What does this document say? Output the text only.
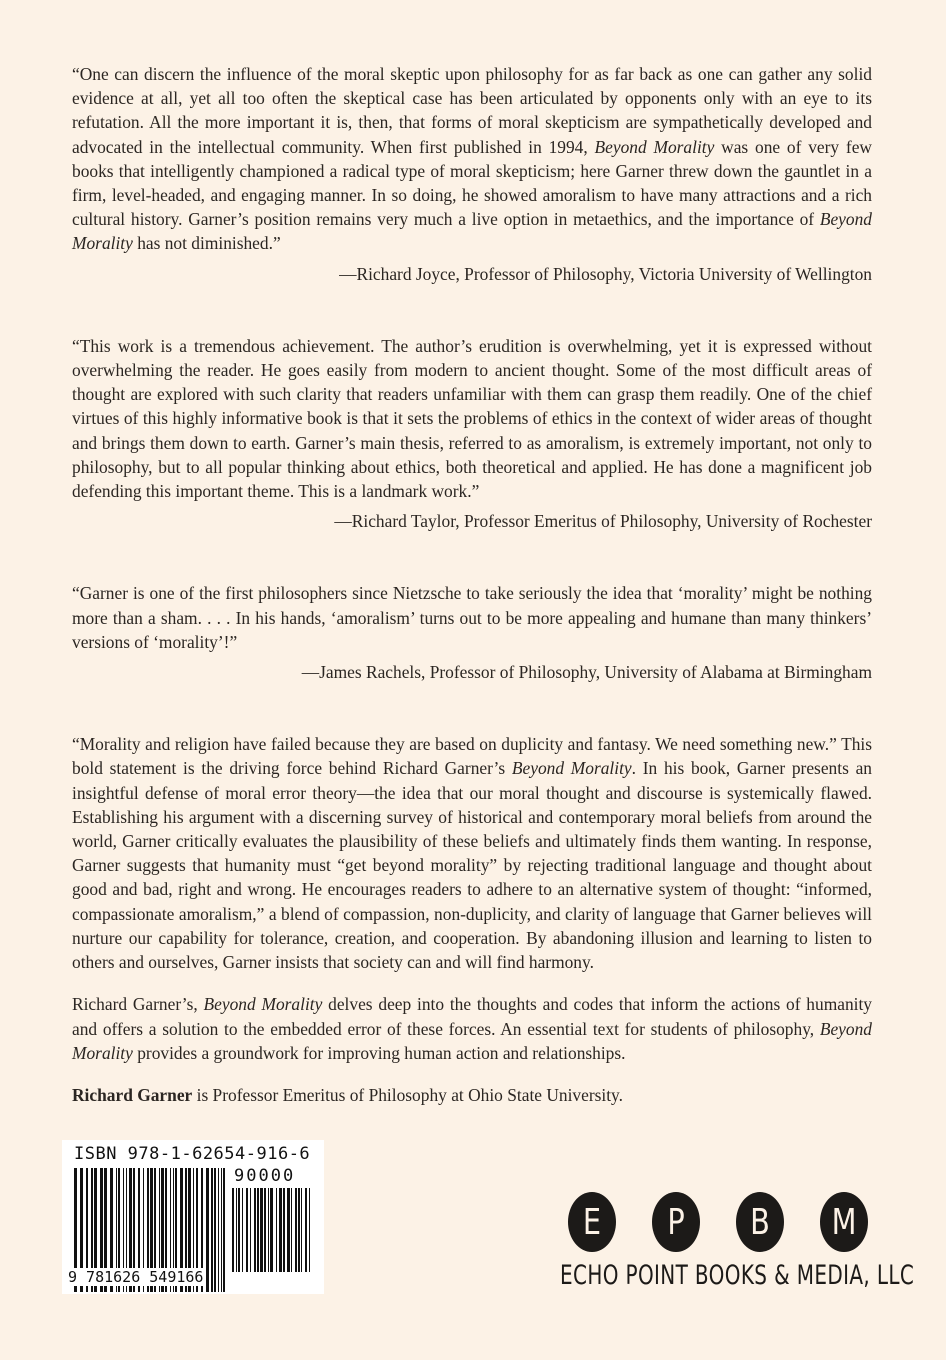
“One can discern the influence of the moral skeptic upon philosophy for as far back as one can gather any solid evidence at all, yet all too often the skeptical case has been articulated by opponents only with an eye to its refutation. All the more important it is, then, that forms of moral skepticism are sympathetically developed and advocated in the intellectual community. When first published in 1994, Beyond Morality was one of very few books that intelligently championed a radical type of moral skepticism; here Garner threw down the gauntlet in a firm, level-headed, and engaging manner. In so doing, he showed amoralism to have many attractions and a rich cultural history. Garner’s position remains very much a live option in metaethics, and the importance of Beyond Morality has not diminished.”

—Richard Joyce, Professor of Philosophy, Victoria University of Wellington

“This work is a tremendous achievement. The author’s erudition is overwhelming, yet it is expressed without overwhelming the reader. He goes easily from modern to ancient thought. Some of the most difficult areas of thought are explored with such clarity that readers unfamiliar with them can grasp them readily. One of the chief virtues of this highly informative book is that it sets the problems of ethics in the context of wider areas of thought and brings them down to earth. Garner’s main thesis, referred to as amoralism, is extremely important, not only to philosophy, but to all popular thinking about ethics, both theoretical and applied. He has done a magnificent job defending this important theme. This is a landmark work.”

—Richard Taylor, Professor Emeritus of Philosophy, University of Rochester

“Garner is one of the first philosophers since Nietzsche to take seriously the idea that ‘morality’ might be nothing more than a sham. . . . In his hands, ‘amoralism’ turns out to be more appealing and humane than many thinkers’ versions of ‘morality’!”

—James Rachels, Professor of Philosophy, University of Alabama at Birmingham

“Morality and religion have failed because they are based on duplicity and fantasy. We need something new.” This bold statement is the driving force behind Richard Garner’s Beyond Morality. In his book, Garner presents an insightful defense of moral error theory—the idea that our moral thought and discourse is systemically flawed. Establishing his argument with a discerning survey of historical and contemporary moral beliefs from around the world, Garner critically evaluates the plausibility of these beliefs and ultimately finds them wanting. In response, Garner suggests that humanity must “get beyond morality” by rejecting traditional language and thought about good and bad, right and wrong. He encourages readers to adhere to an alternative system of thought: “informed, compassionate amoralism,” a blend of compassion, non-duplicity, and clarity of language that Garner believes will nurture our capability for tolerance, creation, and cooperation. By abandoning illusion and learning to listen to others and ourselves, Garner insists that society can and will find harmony.

Richard Garner’s, Beyond Morality delves deep into the thoughts and codes that inform the actions of humanity and offers a solution to the embedded error of these forces. An essential text for students of philosophy, Beyond Morality provides a groundwork for improving human action and relationships.

Richard Garner is Professor Emeritus of Philosophy at Ohio State University.

ISBN 978-1-62654-916-6
90000
9 781626 549166
E	P	B	M
ECHO POINT BOOKS & MEDIA, LLC
